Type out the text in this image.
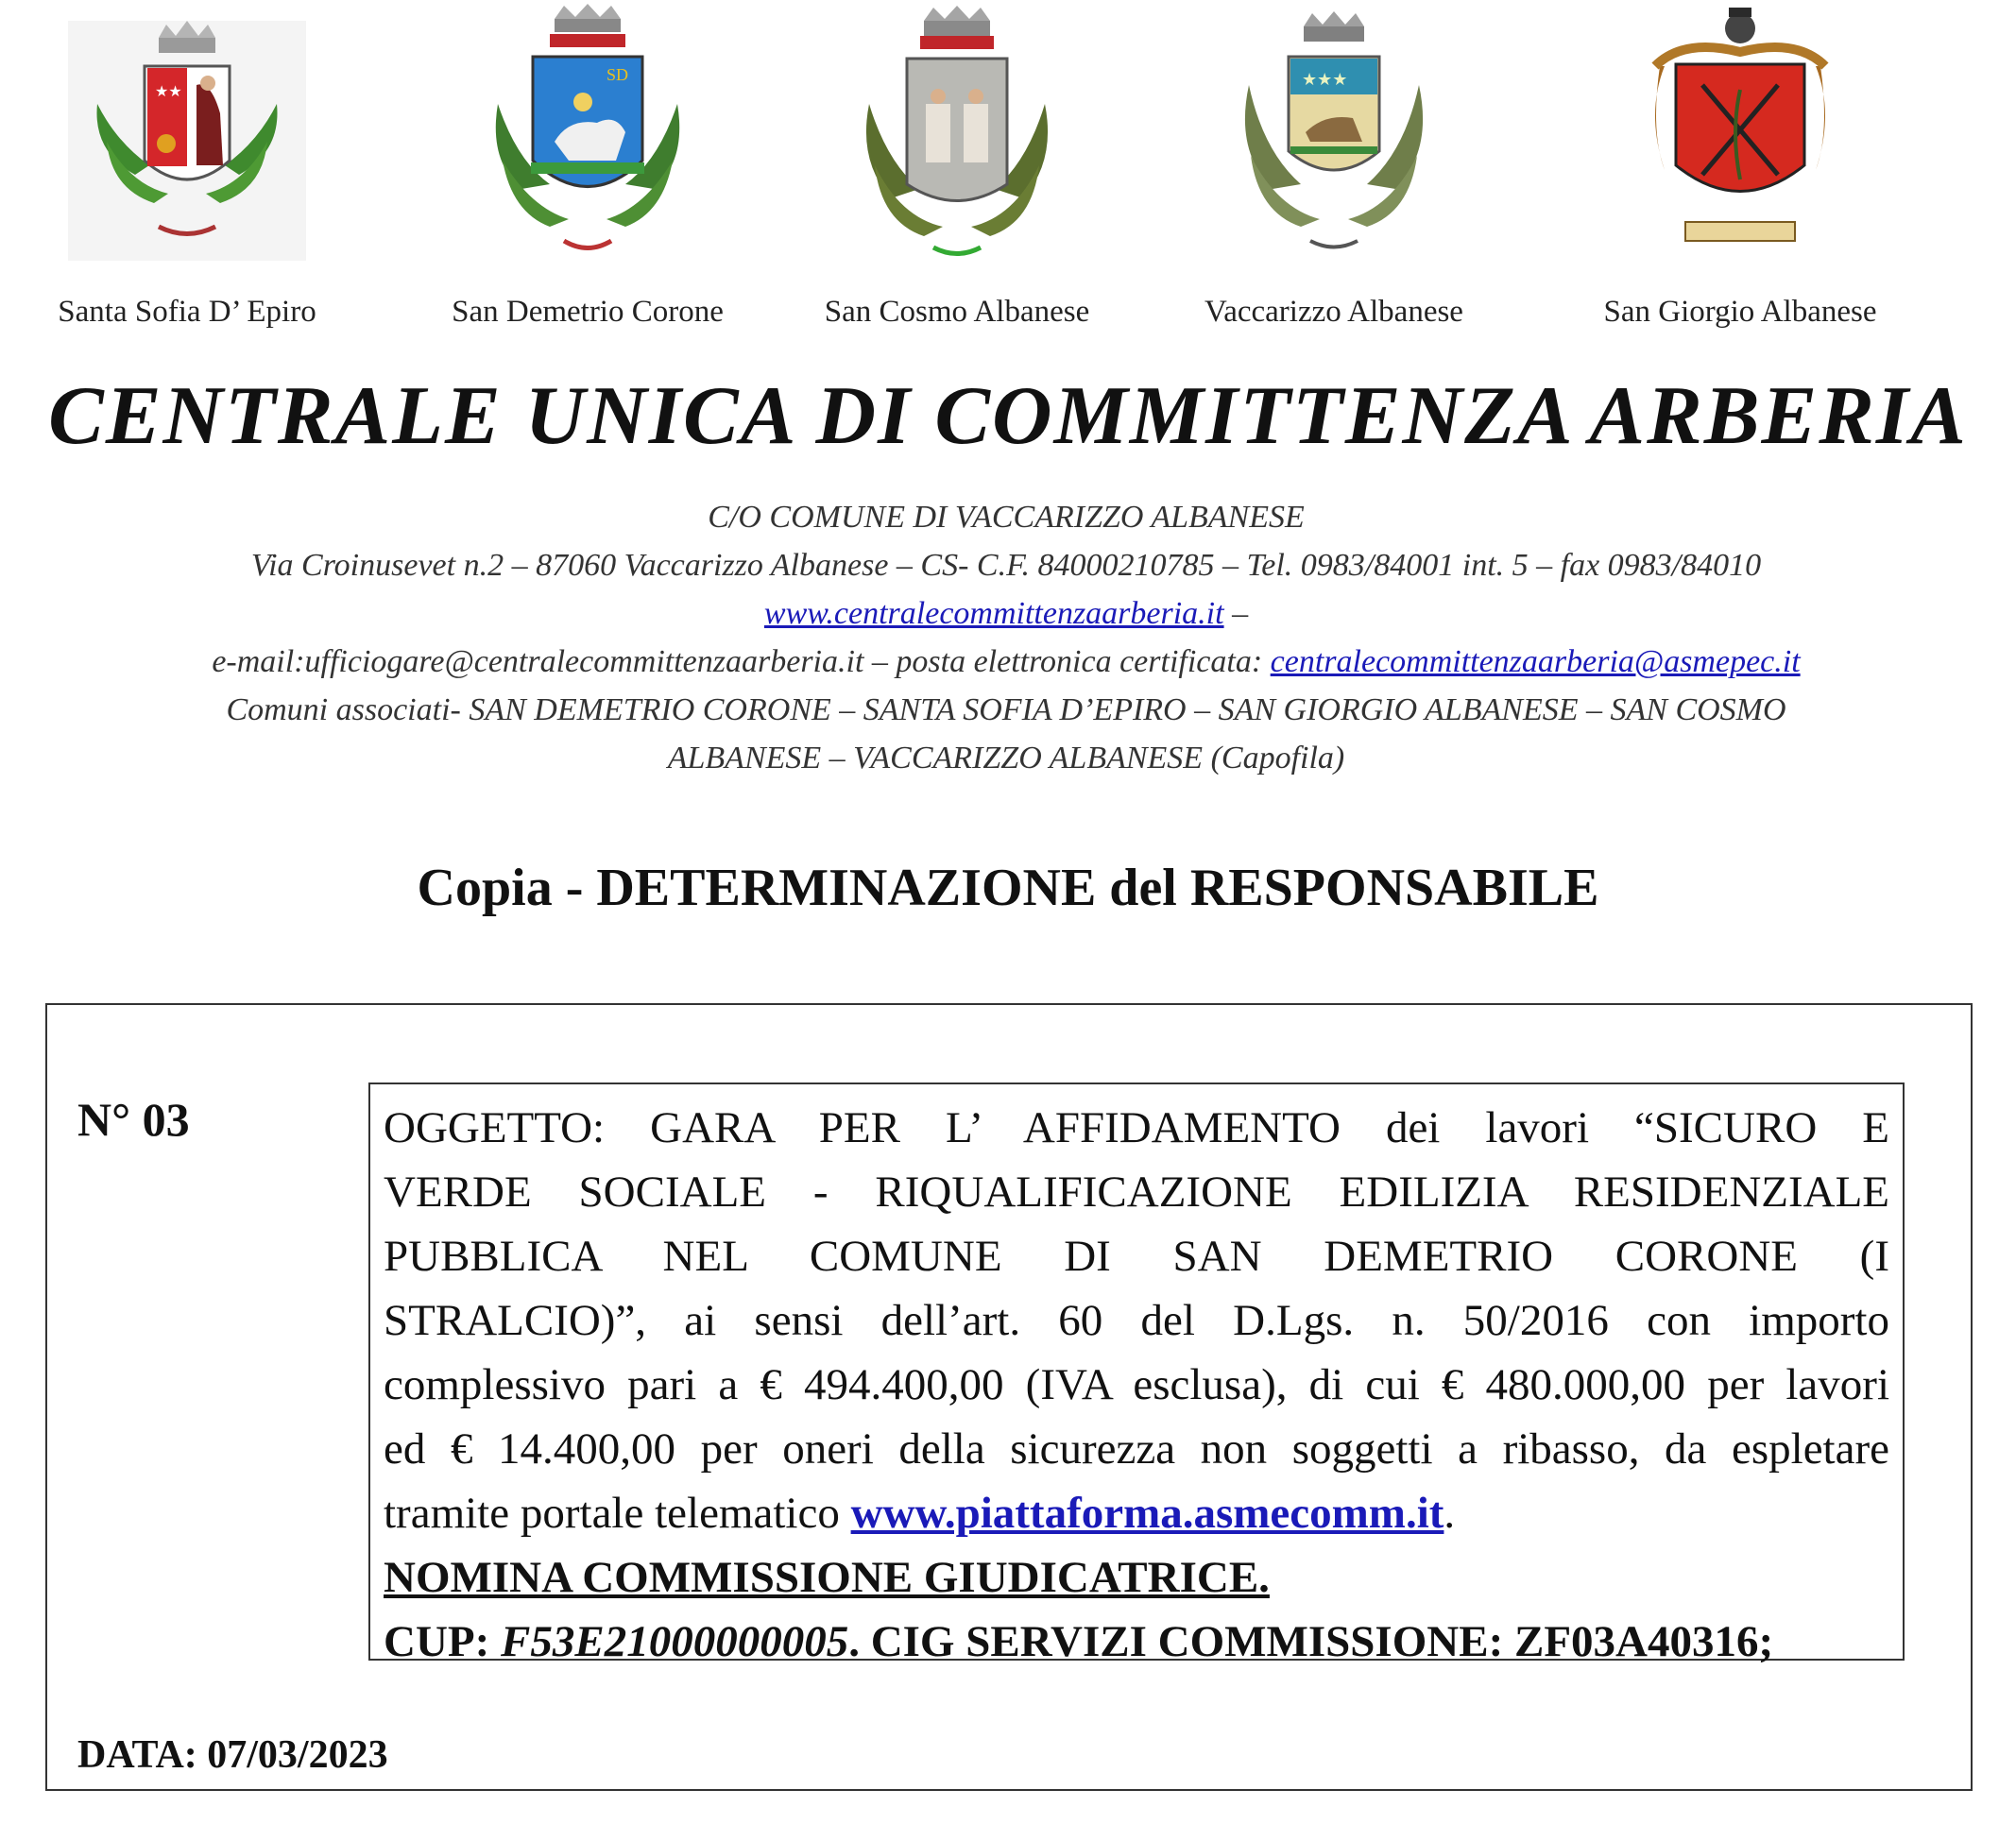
★★
Santa Sofia D’ Epiro
SD
San Demetrio Corone	San Cosmo Albanese
★★★
Vaccarizzo Albanese	San Giorgio Albanese
CENTRALE UNICA DI COMMITTENZA ARBERIA
C/O COMUNE DI VACCARIZZO ALBANESE
Via Croinusevet n.2 – 87060 Vaccarizzo Albanese – CS- C.F. 84000210785 – Tel. 0983/84001 int. 5 – fax 0983/84010
www.centralecommittenzaarberia.it –
e-mail:ufficiogare@centralecommittenzaarberia.it – posta elettronica certificata: centralecommittenzaarberia@asmepec.it
Comuni associati- SAN DEMETRIO CORONE – SANTA SOFIA D’EPIRO – SAN GIORGIO ALBANESE – SAN COSMO
ALBANESE – VACCARIZZO ALBANESE (Capofila)
Copia - DETERMINAZIONE del RESPONSABILE
N° 03	OGGETTO: GARA PER L’ AFFIDAMENTO dei lavori “SICURO E
VERDE SOCIALE - RIQUALIFICAZIONE EDILIZIA RESIDENZIALE
PUBBLICA NEL COMUNE DI SAN DEMETRIO CORONE (I
STRALCIO)”, ai sensi dell’art. 60 del D.Lgs. n. 50/2016 con importo
complessivo pari a € 494.400,00 (IVA esclusa), di cui € 480.000,00 per lavori
ed € 14.400,00 per oneri della sicurezza non soggetti a ribasso, da espletare
tramite portale telematico www.piattaforma.asmecomm.it.
NOMINA COMMISSIONE GIUDICATRICE.
CUP: F53E21000000005. CIG SERVIZI COMMISSIONE: ZF03A40316;
DATA: 07/03/2023
